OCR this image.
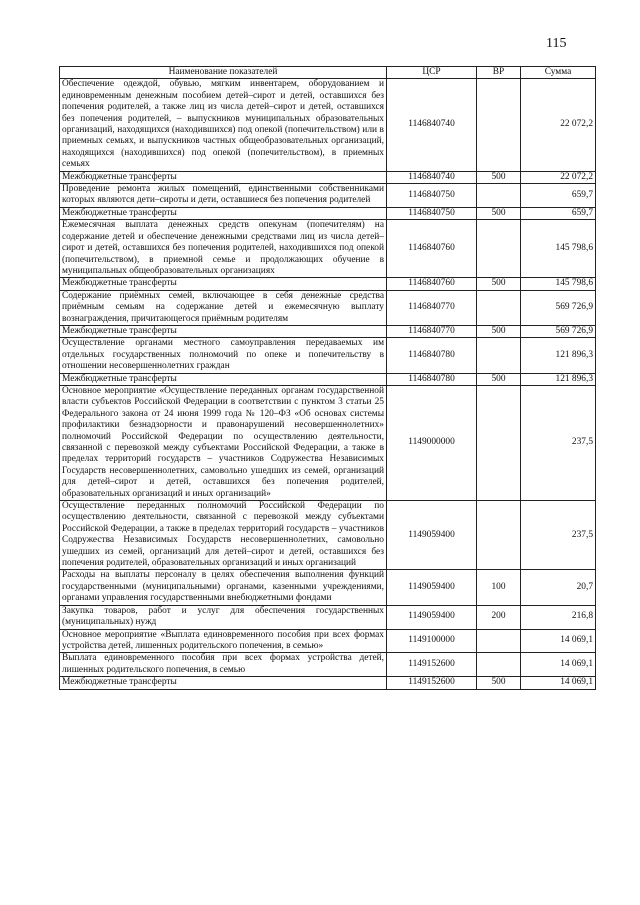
115
Наименование показателей	ЦСР	ВР	Сумма
Обеспечение одеждой, обувью, мягким инвентарем, оборудованием и единовременным денежным пособием детей–сирот и детей, оставшихся без попечения родителей, а также лиц из числа детей–сирот и детей, оставшихся без попечения родителей, – выпускников муниципальных образовательных организаций, находящихся (находившихся) под опекой (попечительством) или в приемных семьях, и выпускников частных общеобразовательных организаций, находящихся (находившихся) под опекой (попечительством), в приемных семьях	1146840740		22 072,2
Межбюджетные трансферты	1146840740	500	22 072,2
Проведение ремонта жилых помещений, единственными собственниками которых являются дети–сироты и дети, оставшиеся без попечения родителей	1146840750		659,7
Межбюджетные трансферты	1146840750	500	659,7
Ежемесячная выплата денежных средств опекунам (попечителям) на содержание детей и обеспечение денежными средствами лиц из числа детей–сирот и детей, оставшихся без попечения родителей, находившихся под опекой (попечительством), в приемной семье и продолжающих обучение в муниципальных общеобразовательных организациях	1146840760		145 798,6
Межбюджетные трансферты	1146840760	500	145 798,6
Содержание приёмных семей, включающее в себя денежные средства приёмным семьям на содержание детей и ежемесячную выплату вознаграждения, причитающегося приёмным родителям	1146840770		569 726,9
Межбюджетные трансферты	1146840770	500	569 726,9
Осуществление органами местного самоуправления передаваемых им отдельных государственных полномочий по опеке и попечительству в отношении несовершеннолетних граждан	1146840780		121 896,3
Межбюджетные трансферты	1146840780	500	121 896,3
Основное мероприятие «Осуществление переданных органам государственной власти субъектов Российской Федерации в соответствии с пунктом 3 статьи 25 Федерального закона от 24 июня 1999 года № 120–ФЗ «Об основах системы профилактики безнадзорности и правонарушений несовершеннолетних» полномочий Российской Федерации по осуществлению деятельности, связанной с перевозкой между субъектами Российской Федерации, а также в пределах территорий государств – участников Содружества Независимых Государств несовершеннолетних, самовольно ушедших из семей, организаций для детей–сирот и детей, оставшихся без попечения родителей, образовательных организаций и иных организаций»	1149000000		237,5
Осуществление переданных полномочий Российской Федерации по осуществлению деятельности, связанной с перевозкой между субъектами Российской Федерации, а также в пределах территорий государств – участников Содружества Независимых Государств несовершеннолетних, самовольно ушедших из семей, организаций для детей–сирот и детей, оставшихся без попечения родителей, образовательных организаций и иных организаций	1149059400		237,5
Расходы на выплаты персоналу в целях обеспечения выполнения функций государственными (муниципальными) органами, казенными учреждениями, органами управления государственными внебюджетными фондами	1149059400	100	20,7
Закупка товаров, работ и услуг для обеспечения государственных (муниципальных) нужд	1149059400	200	216,8
Основное мероприятие «Выплата единовременного пособия при всех формах устройства детей, лишенных родительского попечения, в семью»	1149100000		14 069,1
Выплата единовременного пособия при всех формах устройства детей, лишенных родительского попечения, в семью	1149152600		14 069,1
Межбюджетные трансферты	1149152600	500	14 069,1
